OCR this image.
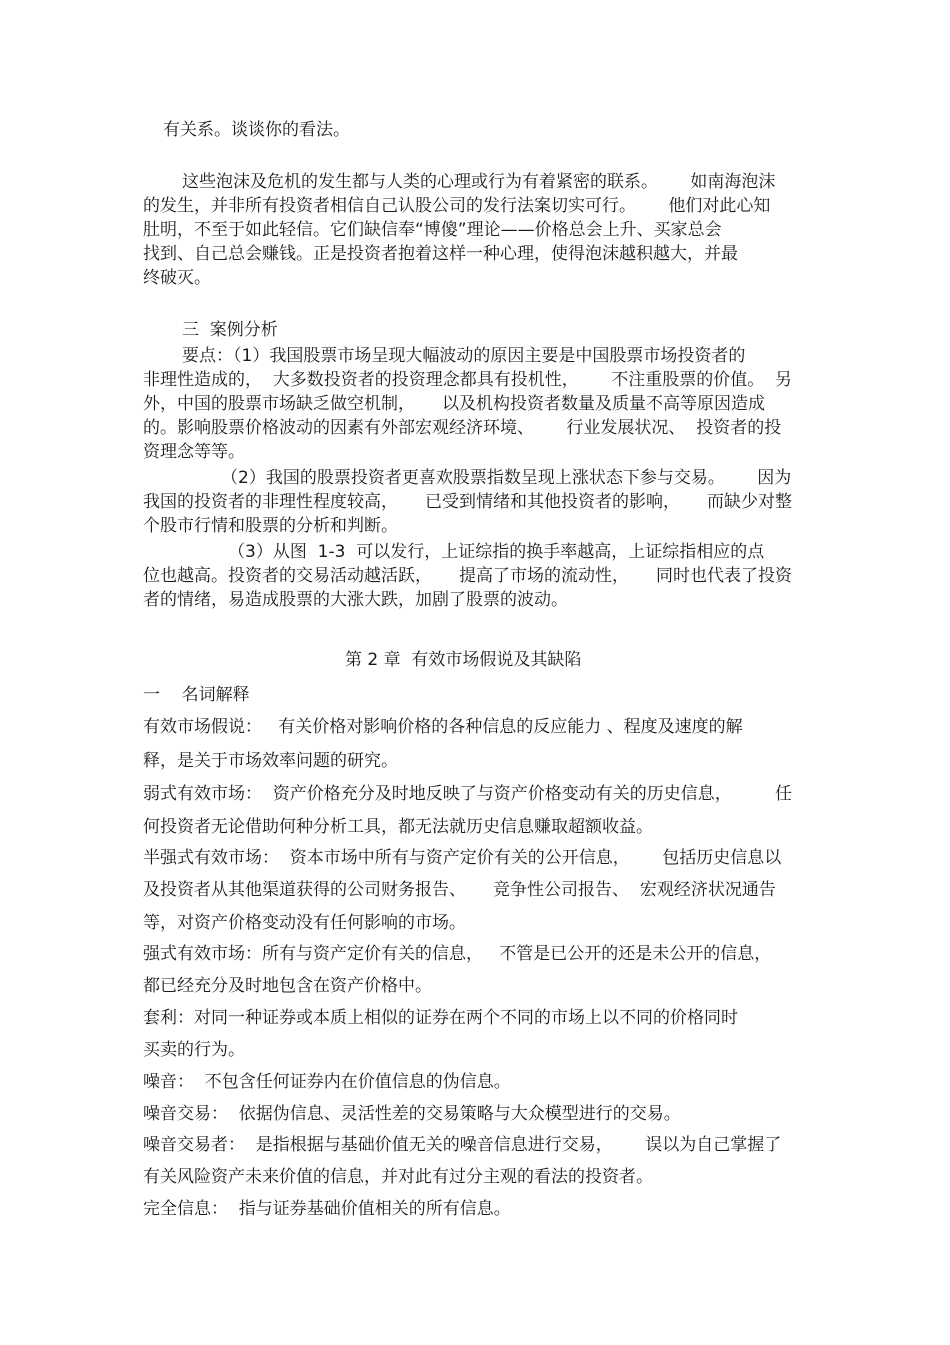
有关系。谈谈你的看法。
这些泡沫及危机的发生都与人类的心理或行为有着紧密的联系。      如南海泡沫
的发生，并非所有投资者相信自己认股公司的发行法案切实可行。      他们对此心知
肚明，不至于如此轻信。它们缺信奉“博傻”理论——价格总会上升、买家总会
找到、自己总会赚钱。正是投资者抱着这样一种心理，使得泡沫越积越大，并最
终破灭。
三  案例分析
要点：（1）我国股票市场呈现大幅波动的原因主要是中国股票市场投资者的
非理性造成的，  大多数投资者的投资理念都具有投机性，      不注重股票的价值。  另
外，中国的股票市场缺乏做空机制，     以及机构投资者数量及质量不高等原因造成
的。影响股票价格波动的因素有外部宏观经济环境、      行业发展状况、  投资者的投
资理念等等。
（2）我国的股票投资者更喜欢股票指数呈现上涨状态下参与交易。      因为
我国的投资者的非理性程度较高，     已受到情绪和其他投资者的影响，     而缺少对整
个股市行情和股票的分析和判断。
（3）从图  1-3  可以发行，上证综指的换手率越高，上证综指相应的点
位也越高。投资者的交易活动越活跃，     提高了市场的流动性，     同时也代表了投资
者的情绪，易造成股票的大涨大跌，加剧了股票的波动。
第 2 章  有效市场假说及其缺陷
一    名词解释
有效市场假说：   有关价格对影响价格的各种信息的反应能力 、程度及速度的解
释，是关于市场效率问题的研究。
弱式有效市场：  资产价格充分及时地反映了与资产价格变动有关的历史信息，        任
何投资者无论借助何种分析工具，都无法就历史信息赚取超额收益。
半强式有效市场：  资本市场中所有与资产定价有关的公开信息，      包括历史信息以
及投资者从其他渠道获得的公司财务报告、     竞争性公司报告、  宏观经济状况通告
等，对资产价格变动没有任何影响的市场。
强式有效市场：所有与资产定价有关的信息，   不管是已公开的还是未公开的信息，
都已经充分及时地包含在资产价格中。
套利：对同一种证券或本质上相似的证券在两个不同的市场上以不同的价格同时
买卖的行为。
噪音：  不包含任何证券内在价值信息的伪信息。
噪音交易：  依据伪信息、灵活性差的交易策略与大众模型进行的交易。
噪音交易者：  是指根据与基础价值无关的噪音信息进行交易，      误以为自己掌握了
有关风险资产未来价值的信息，并对此有过分主观的看法的投资者。
完全信息：  指与证券基础价值相关的所有信息。
